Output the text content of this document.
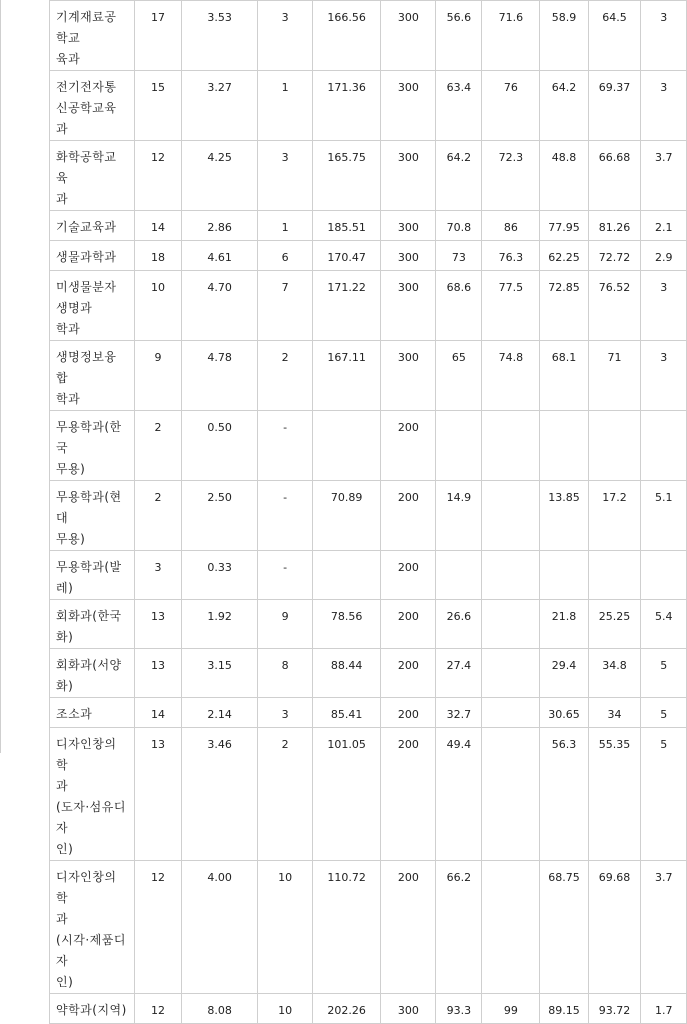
기계재료공학교
육과	17	3.53	3	166.56	300	56.6	71.6	58.9	64.5	3

전기전자통신공학교육
과	15	3.27	1	171.36	300	63.4	76	64.2	69.37	3

화학공학교육
과	12	4.25	3	165.75	300	64.2	72.3	48.8	66.68	3.7

기술교육과	14	2.86	1	185.51	300	70.8	86	77.95	81.26	2.1

생물과학과	18	4.61	6	170.47	300	73	76.3	62.25	72.72	2.9

미생물분자생명과
학과	10	4.70	7	171.22	300	68.6	77.5	72.85	76.52	3

생명정보융합
학과	9	4.78	2	167.11	300	65	74.8	68.1	71	3

무용학과(한국
무용)	2	0.50	-		200					

무용학과(현대
무용)	2	2.50	-	70.89	200	14.9		13.85	17.2	5.1

무용학과(발레)	3	0.33	-		200					

회화과(한국화)	13	1.92	9	78.56	200	26.6		21.8	25.25	5.4

회화과(서양화)	13	3.15	8	88.44	200	27.4		29.4	34.8	5

조소과	14	2.14	3	85.41	200	32.7		30.65	34	5

디자인창의학
과
(도자·섬유디자
인)	13	3.46	2	101.05	200	49.4		56.3	55.35	5

디자인창의학
과
(시각·제품디자
인)	12	4.00	10	110.72	200	66.2		68.75	69.68	3.7

약학과(지역)	12	8.08	10	202.26	300	93.3	99	89.15	93.72	1.7
